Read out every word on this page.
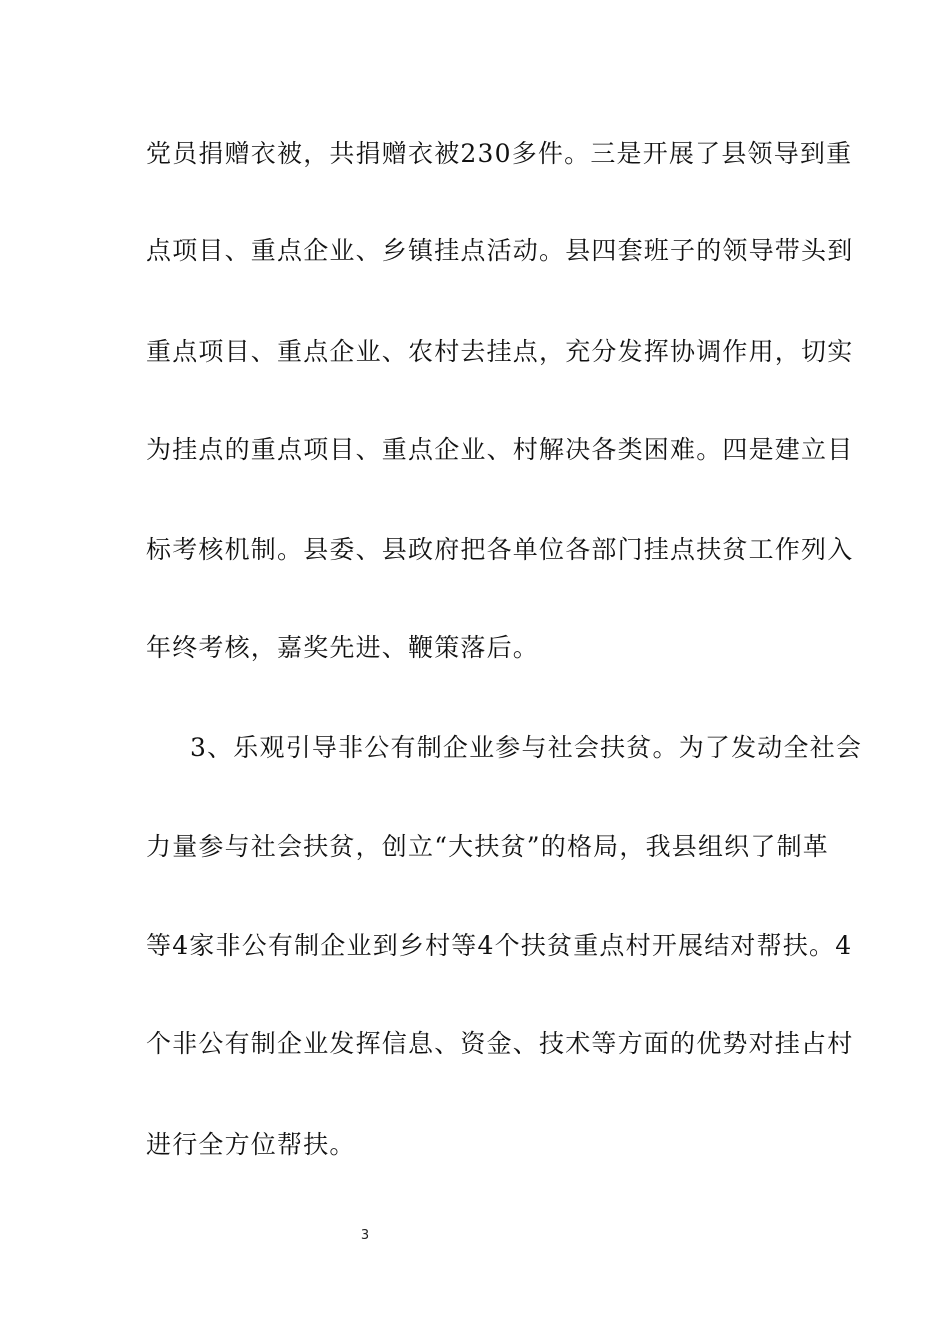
党员捐赠衣被，共捐赠衣被230多件。三是开展了县领导到重
点项目、重点企业、乡镇挂点活动。县四套班子的领导带头到
重点项目、重点企业、农村去挂点，充分发挥协调作用，切实
为挂点的重点项目、重点企业、村解决各类困难。四是建立目
标考核机制。县委、县政府把各单位各部门挂点扶贫工作列入
年终考核，嘉奖先进、鞭策落后。
3、乐观引导非公有制企业参与社会扶贫。为了发动全社会
力量参与社会扶贫，创立“大扶贫”的格局，我县组织了制革
等4家非公有制企业到乡村等4个扶贫重点村开展结对帮扶。4
个非公有制企业发挥信息、资金、技术等方面的优势对挂占村
进行全方位帮扶。
3
